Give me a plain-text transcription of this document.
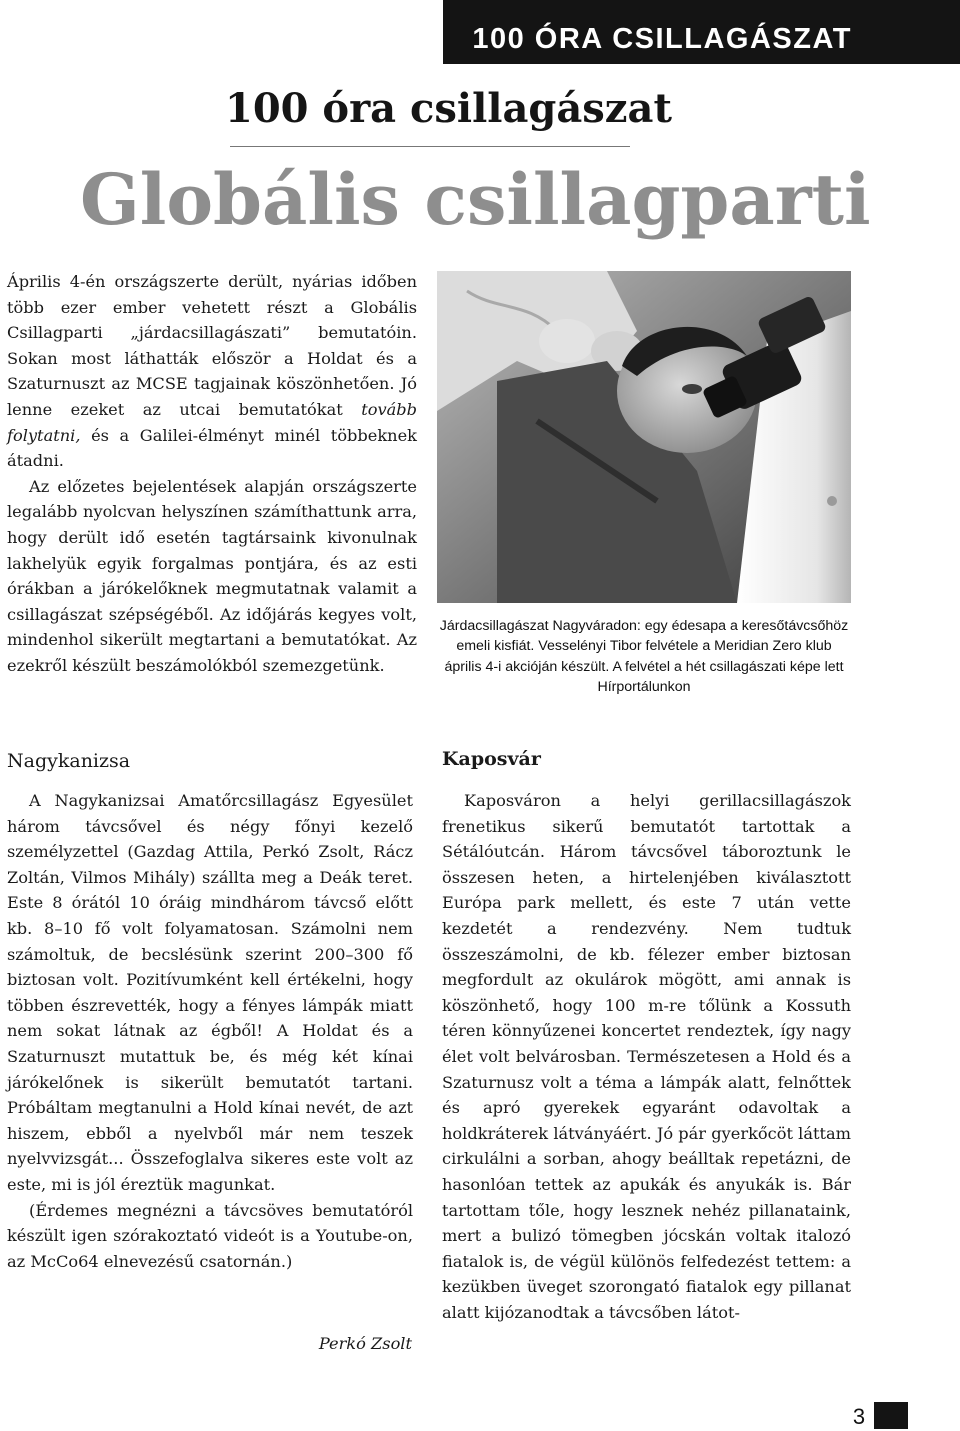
100 ÓRA CSILLAGÁSZAT
100 óra csillagászat
Globális csillagparti

Április 4-én országszerte derült, nyárias időben több ezer ember vehetett részt a Globális Csillagparti „járdacsillagászati” bemutatóin. Sokan most láthatták először a Holdat és a Szaturnuszt az MCSE tagjainak köszönhetően. Jó lenne ezeket az utcai bemutatókat tovább folytatni, és a Galilei-élményt minél többeknek átadni.

Az előzetes bejelentések alapján országszerte legalább nyolcvan helyszínen számíthattunk arra, hogy derült idő esetén tagtársaink kivonulnak lakhelyük egyik forgalmas pontjára, és az esti órákban a járókelőknek megmutatnak valamit a csillagászat szépségéből. Az időjárás kegyes volt, mindenhol sikerült megtartani a bemutatókat. Az ezekről készült beszámolókból szemezgetünk.

Járdacsillagászat Nagyváradon: egy édesapa a keresőtávcsőhöz emeli kisfiát. Vesselényi Tibor felvétele a Meridian Zero klub április 4-i akcióján készült. A felvétel a hét csillagászati képe lett Hírportálunkon
Nagykanizsa

A Nagykanizsai Amatőrcsillagász Egyesület három távcsővel és négy főnyi kezelő személyzettel (Gazdag Attila, Perkó Zsolt, Rácz Zoltán, Vilmos Mihály) szállta meg a Deák teret. Este 8 órától 10 óráig mindhárom távcső előtt kb. 8–10 fő volt folyamatosan. Számolni nem számoltuk, de becslésünk szerint 200–300 fő biztosan volt. Pozitívumként kell értékelni, hogy többen észrevették, hogy a fényes lámpák miatt nem sokat látnak az égből! A Holdat és a Szaturnuszt mutattuk be, és még két kínai járókelőnek is sikerült bemutatót tartani. Próbáltam megtanulni a Hold kínai nevét, de azt hiszem, ebből a nyelvből már nem teszek nyelvvizsgát... Összefoglalva sikeres este volt az este, mi is jól éreztük magunkat.

(Érdemes megnézni a távcsöves bemutatóról készült igen szórakoztató videót is a Youtube-on, az McCo64 elnevezésű csatornán.)

Perkó Zsolt
Kaposvár

Kaposváron a helyi gerillacsillagászok frenetikus sikerű bemutatót tartottak a Sétálóutcán. Három távcsővel táboroztunk le összesen heten, a hirtelenjében kiválasztott Európa park mellett, és este 7 után vette kezdetét a rendezvény. Nem tudtuk összeszámolni, de kb. félezer ember biztosan megfordult az okulárok mögött, ami annak is köszönhető, hogy 100 m-re tőlünk a Kossuth téren könnyűzenei koncertet rendeztek, így nagy élet volt belvárosban. Természetesen a Hold és a Szaturnusz volt a téma a lámpák alatt, felnőttek és apró gyerekek egyaránt odavoltak a holdkráterek látványáért. Jó pár gyerkőcöt láttam cirkulálni a sorban, ahogy beálltak repetázni, de hasonlóan tettek az apukák és anyukák is. Bár tartottam tőle, hogy lesznek nehéz pillanataink, mert a bulizó tömegben jócskán voltak italozó fiatalok is, de végül különös felfedezést tettem: a kezükben üveget szorongató fiatalok egy pillanat alatt kijózanodtak a távcsőben látot-

3
